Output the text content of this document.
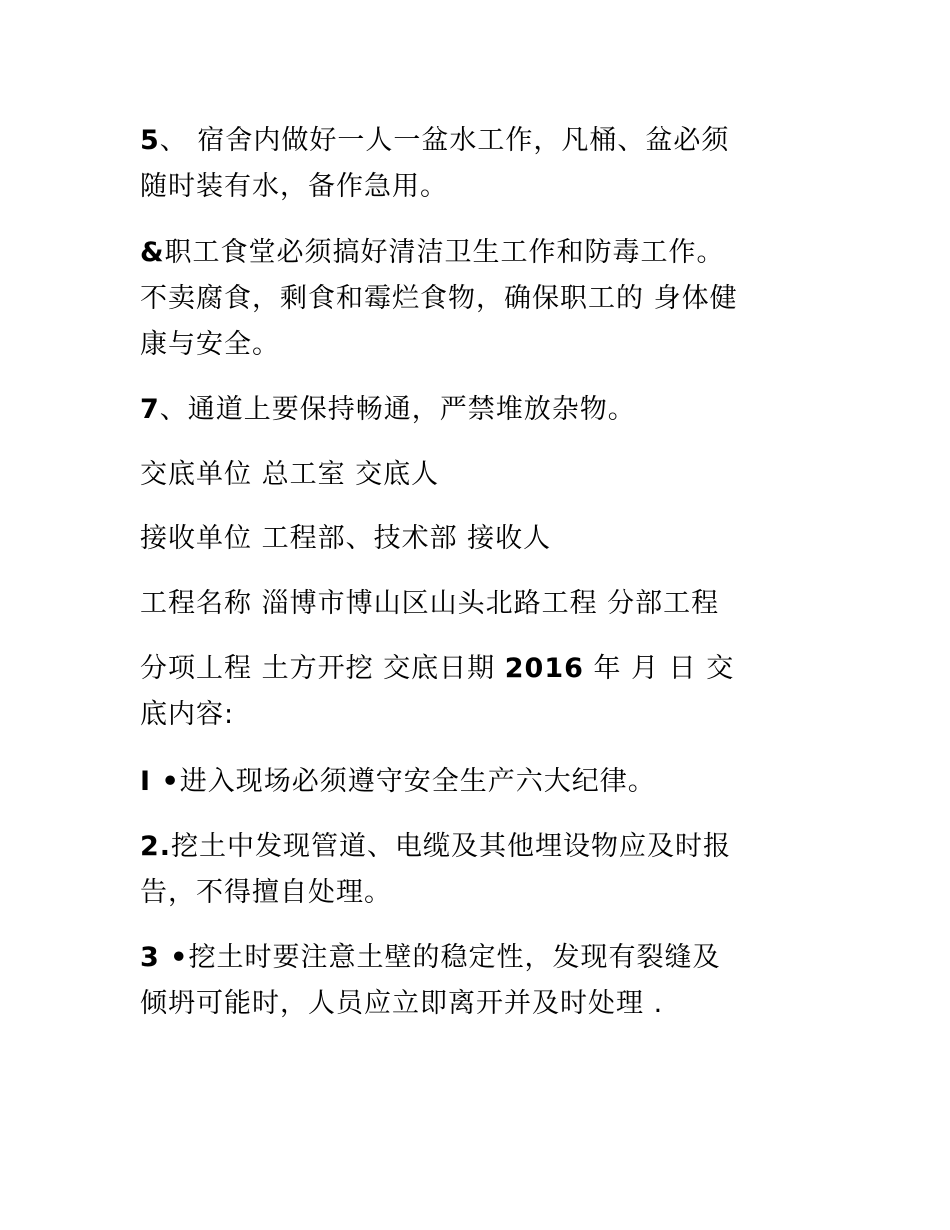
5、 宿舍内做好一人一盆水工作，凡桶、盆必须
随时装有水，备作急用。
&职工食堂必须搞好清洁卫生工作和防毒工作。
不卖腐食，剩食和霉烂食物，确保职工的 身体健
康与安全。
7、通道上要保持畅通，严禁堆放杂物。
交底单位 总工室 交底人
接收单位 工程部、技术部 接收人
工程名称 淄博市博山区山头北路工程 分部工程
分项丄程 土方开挖 交底日期 2016 年 月 日 交
底内容:
I •进入现场必须遵守安全生产六大纪律。
2.挖土中发现管道、电缆及其他埋设物应及时报
告，不得擅自处理。
3 •挖土时要注意土壁的稳定性，发现有裂缝及
倾坍可能时，人员应立即离开并及时处理 .
